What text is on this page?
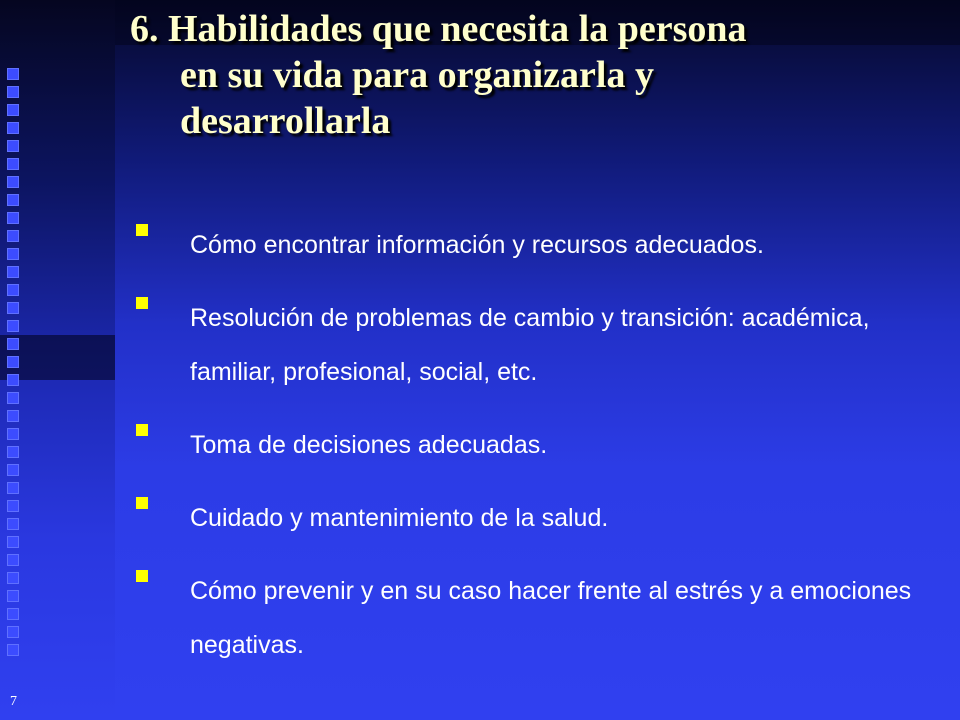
6. Habilidades que necesita la persona
en su vida para organizarla y
desarrollarla
Cómo encontrar información y recursos adecuados.
Resolución de problemas de cambio y transición: académica, familiar, profesional, social, etc.
Toma de decisiones adecuadas.
Cuidado y mantenimiento de la salud.
Cómo prevenir y en su caso hacer frente al estrés y a emociones negativas.
7
